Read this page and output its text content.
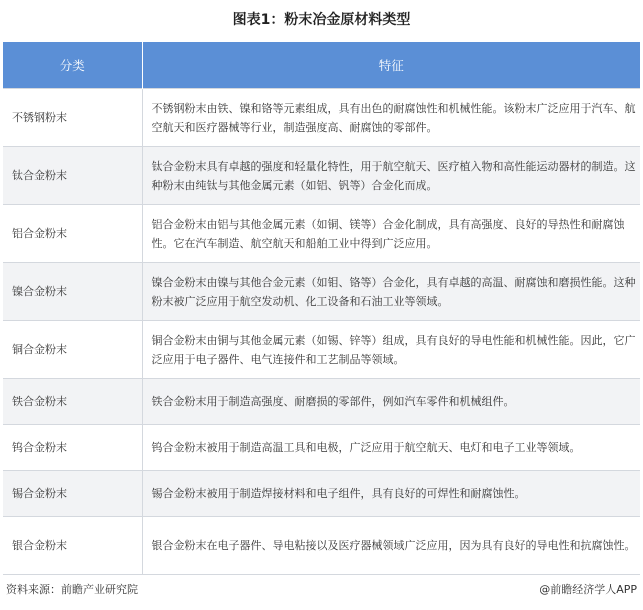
图表1：粉末冶金原材料类型
分类	特征
不锈钢粉末	不锈钢粉末由铁、镍和铬等元素组成，具有出色的耐腐蚀性和机械性能。该粉末广泛应用于汽车、航空航天和医疗器械等行业，制造强度高、耐腐蚀的零部件。
钛合金粉末	钛合金粉末具有卓越的强度和轻量化特性，用于航空航天、医疗植入物和高性能运动器材的制造。这种粉末由纯钛与其他金属元素（如铝、钒等）合金化而成。
铝合金粉末	铝合金粉末由铝与其他金属元素（如铜、镁等）合金化制成，具有高强度、良好的导热性和耐腐蚀性。它在汽车制造、航空航天和船舶工业中得到广泛应用。
镍合金粉末	镍合金粉末由镍与其他合金元素（如钼、铬等）合金化，具有卓越的高温、耐腐蚀和磨损性能。这种粉末被广泛应用于航空发动机、化工设备和石油工业等领域。
铜合金粉末	铜合金粉末由铜与其他金属元素（如锡、锌等）组成，具有良好的导电性能和机械性能。因此，它广泛应用于电子器件、电气连接件和工艺制品等领域。
铁合金粉末	铁合金粉末用于制造高强度、耐磨损的零部件，例如汽车零件和机械组件。
钨合金粉末	钨合金粉末被用于制造高温工具和电极，广泛应用于航空航天、电灯和电子工业等领域。
锡合金粉末	锡合金粉末被用于制造焊接材料和电子组件，具有良好的可焊性和耐腐蚀性。
银合金粉末	银合金粉末在电子器件、导电粘接以及医疗器械领域广泛应用，因为具有良好的导电性和抗腐蚀性。
资料来源：前瞻产业研究院	@前瞻经济学人APP
